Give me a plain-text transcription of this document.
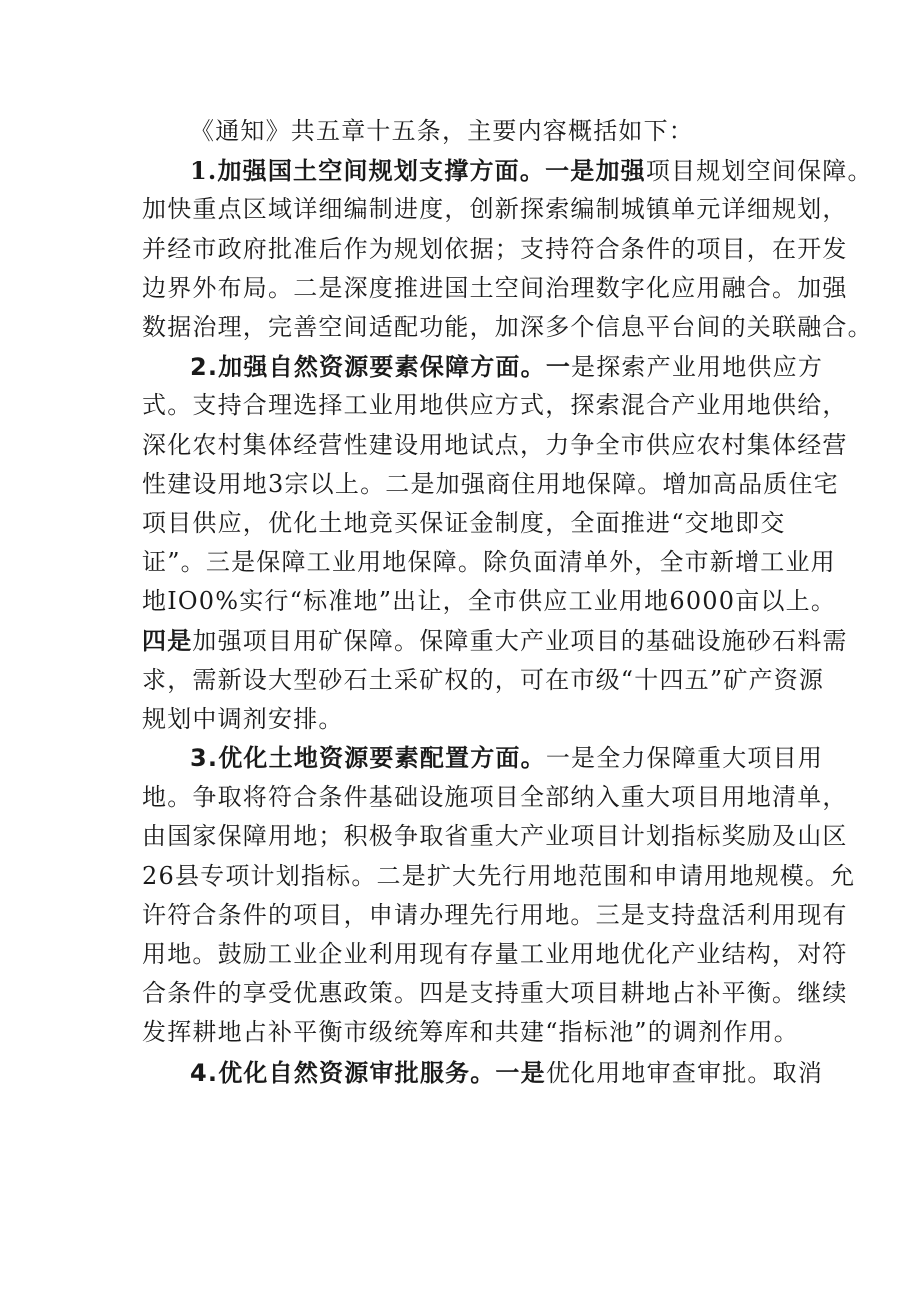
《通知》共五章十五条，主要内容概括如下：
1.加强国土空间规划支撑方面。一是加强项目规划空间保障。
加快重点区域详细编制进度，创新探索编制城镇单元详细规划，
并经市政府批准后作为规划依据；支持符合条件的项目，在开发
边界外布局。二是深度推进国土空间治理数字化应用融合。加强
数据治理，完善空间适配功能，加深多个信息平台间的关联融合。
2.加强自然资源要素保障方面。一是探索产业用地供应方
式。支持合理选择工业用地供应方式，探索混合产业用地供给，
深化农村集体经营性建设用地试点，力争全市供应农村集体经营
性建设用地3宗以上。二是加强商住用地保障。增加高品质住宅
项目供应，优化土地竞买保证金制度，全面推进“交地即交
证”。三是保障工业用地保障。除负面清单外，全市新增工业用
地IO0%实行“标准地”出让，全市供应工业用地6000亩以上。
四是加强项目用矿保障。保障重大产业项目的基础设施砂石料需
求，需新设大型砂石土采矿权的，可在市级“十四五”矿产资源
规划中调剂安排。
3.优化土地资源要素配置方面。一是全力保障重大项目用
地。争取将符合条件基础设施项目全部纳入重大项目用地清单，
由国家保障用地；积极争取省重大产业项目计划指标奖励及山区
26县专项计划指标。二是扩大先行用地范围和申请用地规模。允
许符合条件的项目，申请办理先行用地。三是支持盘活利用现有
用地。鼓励工业企业利用现有存量工业用地优化产业结构，对符
合条件的享受优惠政策。四是支持重大项目耕地占补平衡。继续
发挥耕地占补平衡市级统筹库和共建“指标池”的调剂作用。
4.优化自然资源审批服务。一是优化用地审查审批。取消
